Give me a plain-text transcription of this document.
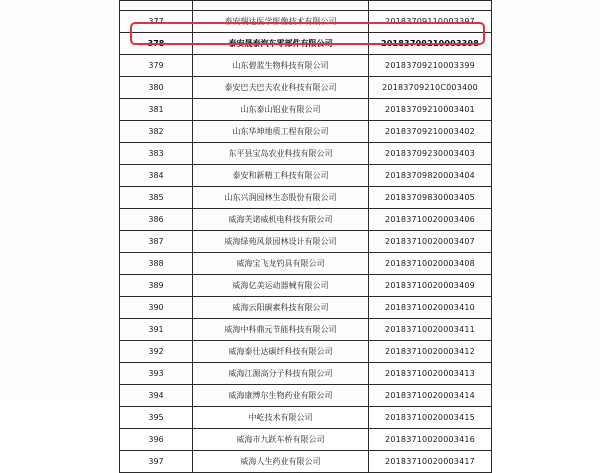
377	泰安瑞达医学影像技术有限公司	20183709110003397
378	泰安晟泰汽车零部件有限公司	20183709210003398
379	山东碧蓝生物科技有限公司	20183709210003399
380	泰安巴夫巴夫农业科技有限公司	20183709210C003400
381	山东泰山铝业有限公司	20183709210003401
382	山东华坤地质工程有限公司	20183709210003402
383	东平县宝岛农业科技有限公司	20183709230003403
384	泰安和新精工科技有限公司	20183709820003404
385	山东兴润园林生态股份有限公司	20183709830003405
386	威海芙诺威机电科技有限公司	20183710020003406
387	威海绿苑风景园林设计有限公司	20183710020003407
388	威海宝飞龙钓具有限公司	20183710020003408
389	威海亿美运动器械有限公司	20183710020003409
390	威海云阳碳素科技有限公司	20183710020003410
391	威海中科鼎元节能科技有限公司	20183710020003411
392	威海泰仕达碳纤科技有限公司	20183710020003412
393	威海江源高分子科技有限公司	20183710020003413
394	威海康博尔生物药业有限公司	20183710020003414
395	中屹技术有限公司	20183710020003415
396	威海市九跃车桥有限公司	20183710020003416
397	威海人生药业有限公司	20183710020003417
